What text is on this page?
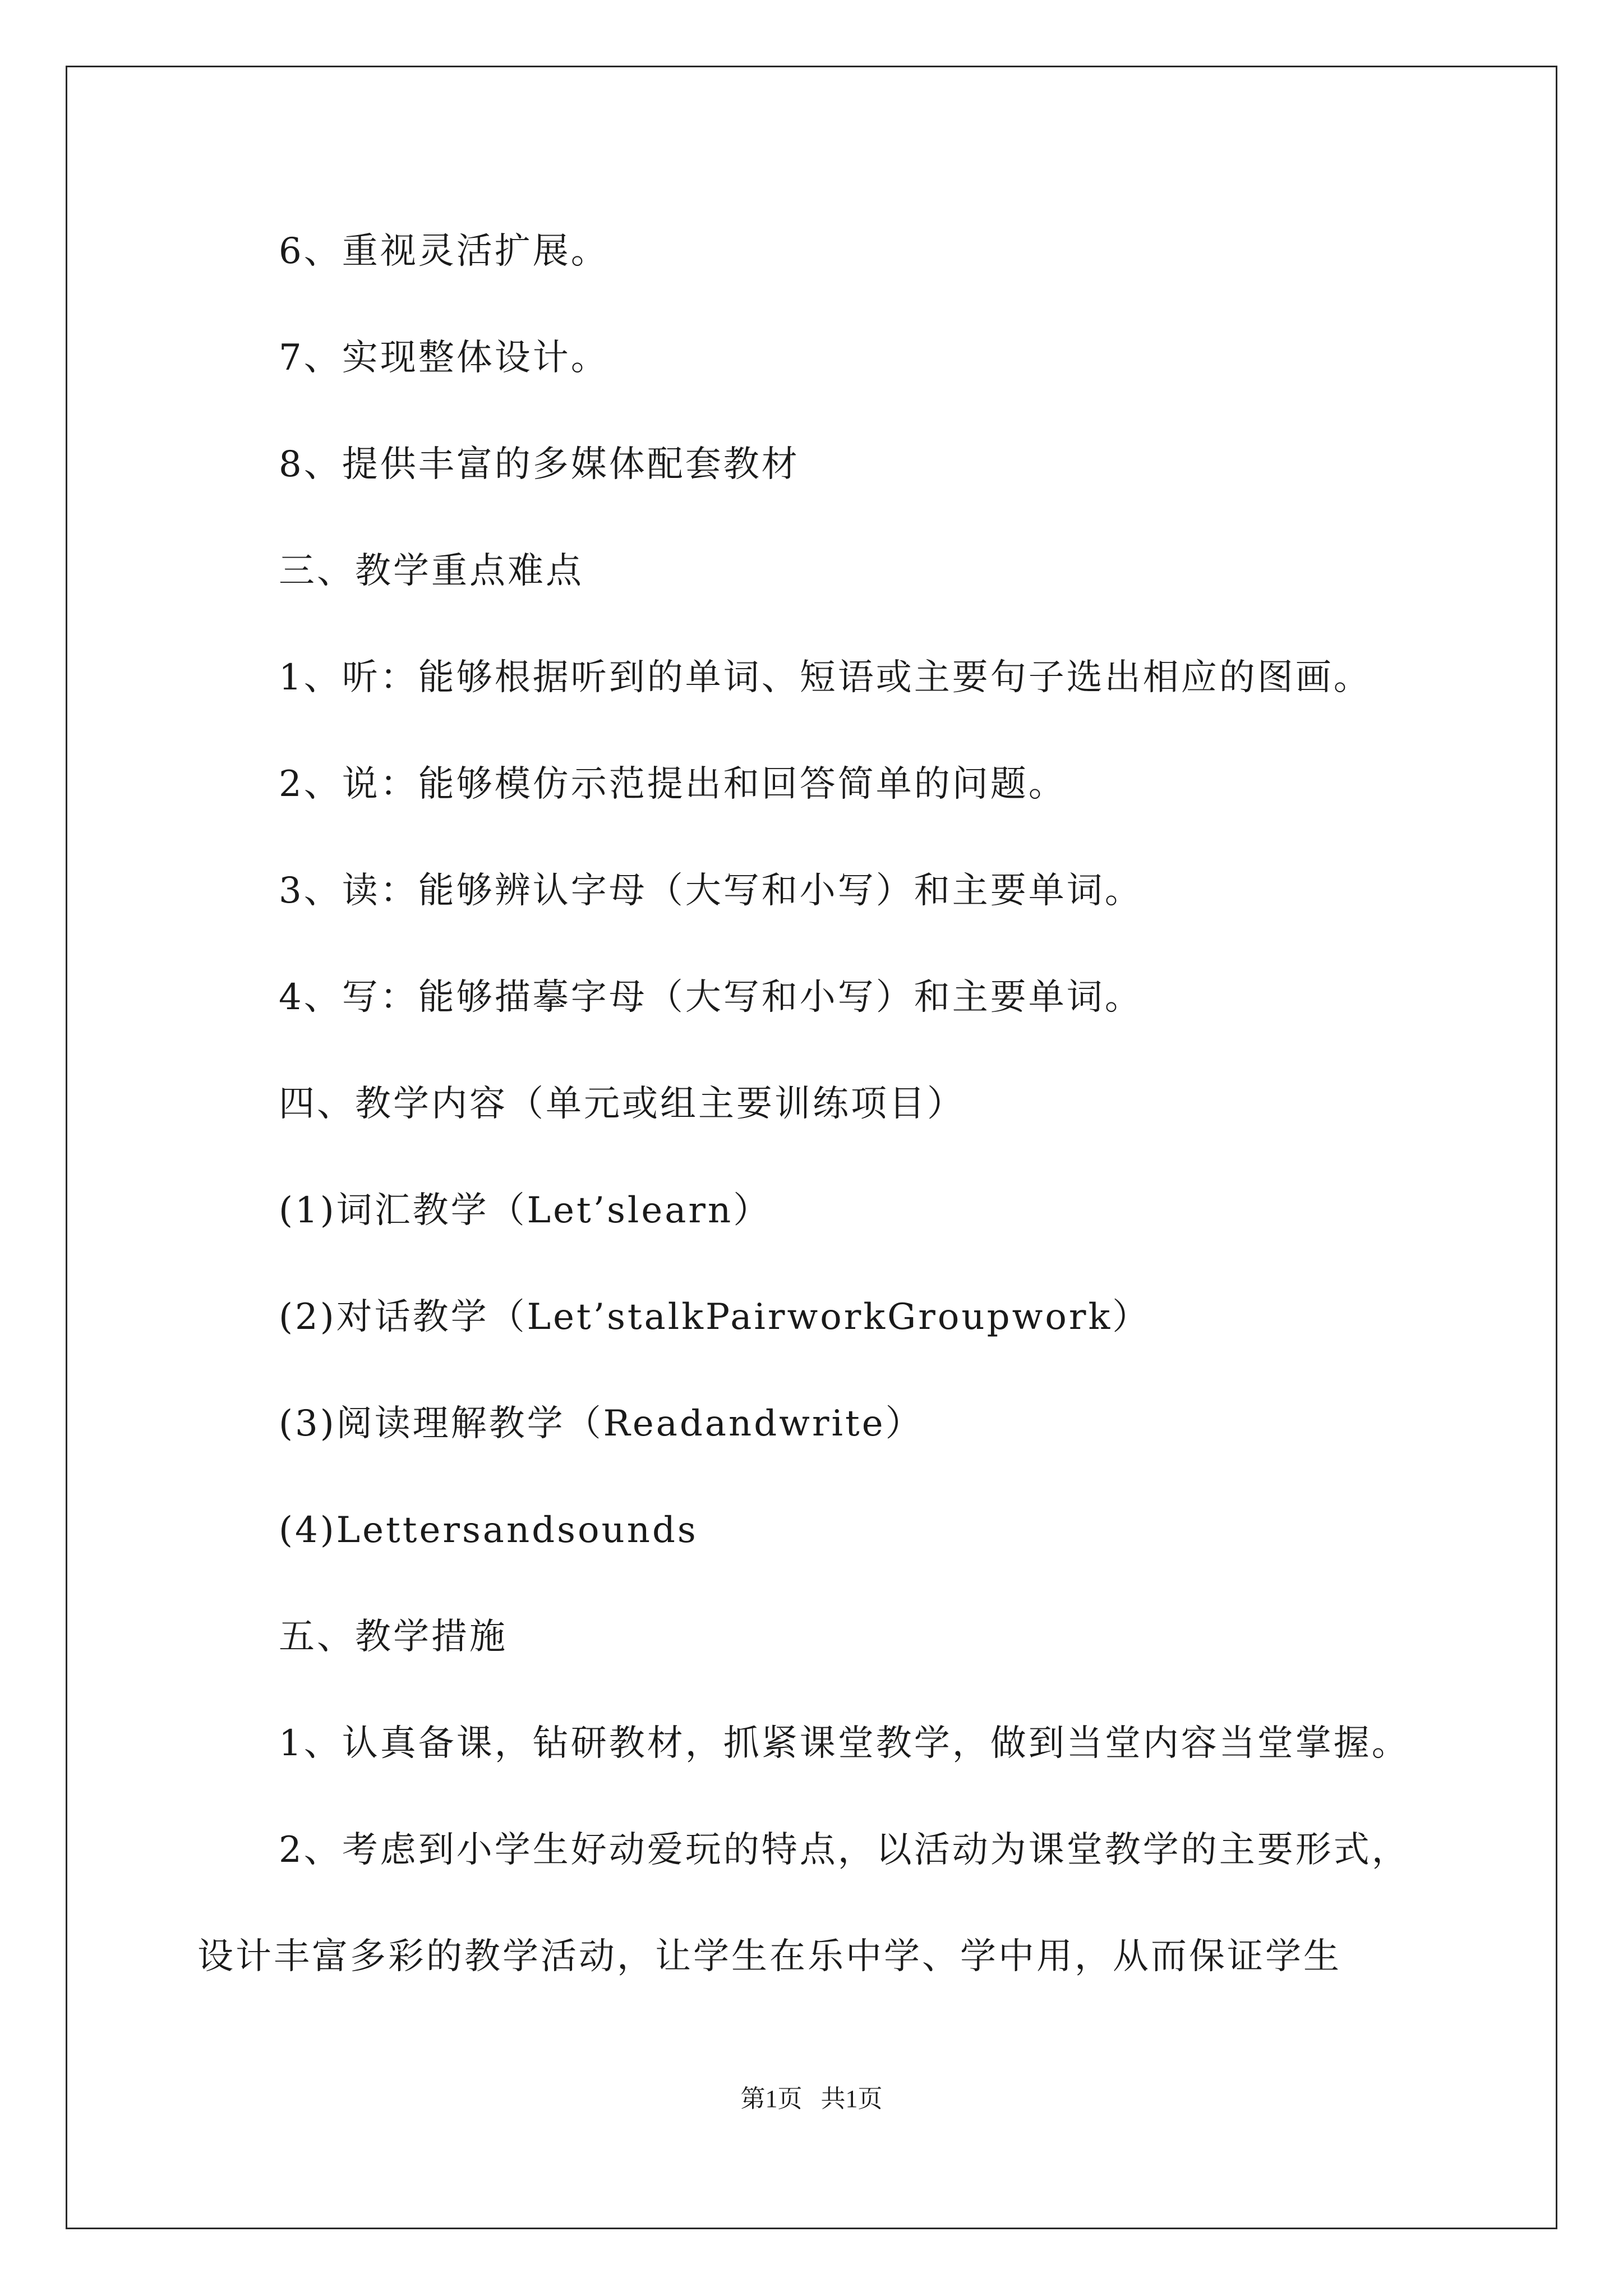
6、重视灵活扩展。
7、实现整体设计。
8、提供丰富的多媒体配套教材
三、教学重点难点
1、听：能够根据听到的单词、短语或主要句子选出相应的图画。
2、说：能够模仿示范提出和回答简单的问题。
3、读：能够辨认字母（大写和小写）和主要单词。
4、写：能够描摹字母（大写和小写）和主要单词。
四、教学内容（单元或组主要训练项目）
(1)词汇教学（Let’slearn）
(2)对话教学（Let’stalkPairworkGroupwork）
(3)阅读理解教学（Readandwrite）
(4)Lettersandsounds
五、教学措施
1、认真备课，钻研教材，抓紧课堂教学，做到当堂内容当堂掌握。
2、考虑到小学生好动爱玩的特点，以活动为课堂教学的主要形式，
设计丰富多彩的教学活动，让学生在乐中学、学中用，从而保证学生
第1页   共1页
